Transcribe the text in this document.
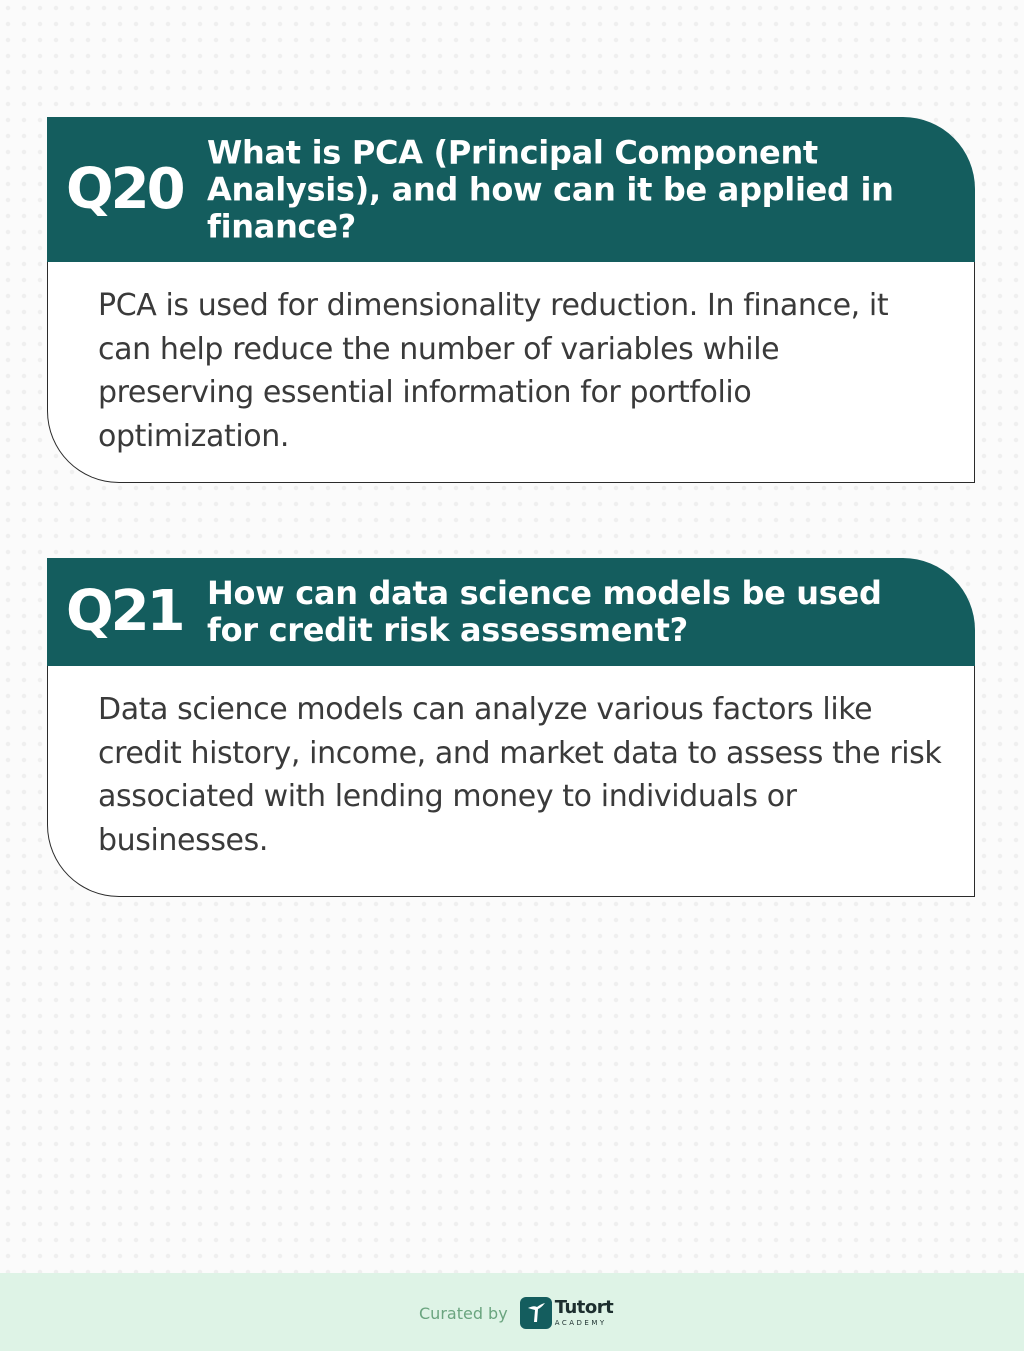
Q20
What is PCA (Principal Component Analysis), and how can it be applied in finance?

PCA is used for dimensionality reduction. In finance, it can help reduce the number of variables while preserving essential information for portfolio optimization.

Q21 How can data science models be used for credit risk assessment?

Data science models can analyze various factors like credit history, income, and market data to assess the risk associated with lending money to individuals or businesses.

Curated by	Tutort
ACADEMY
